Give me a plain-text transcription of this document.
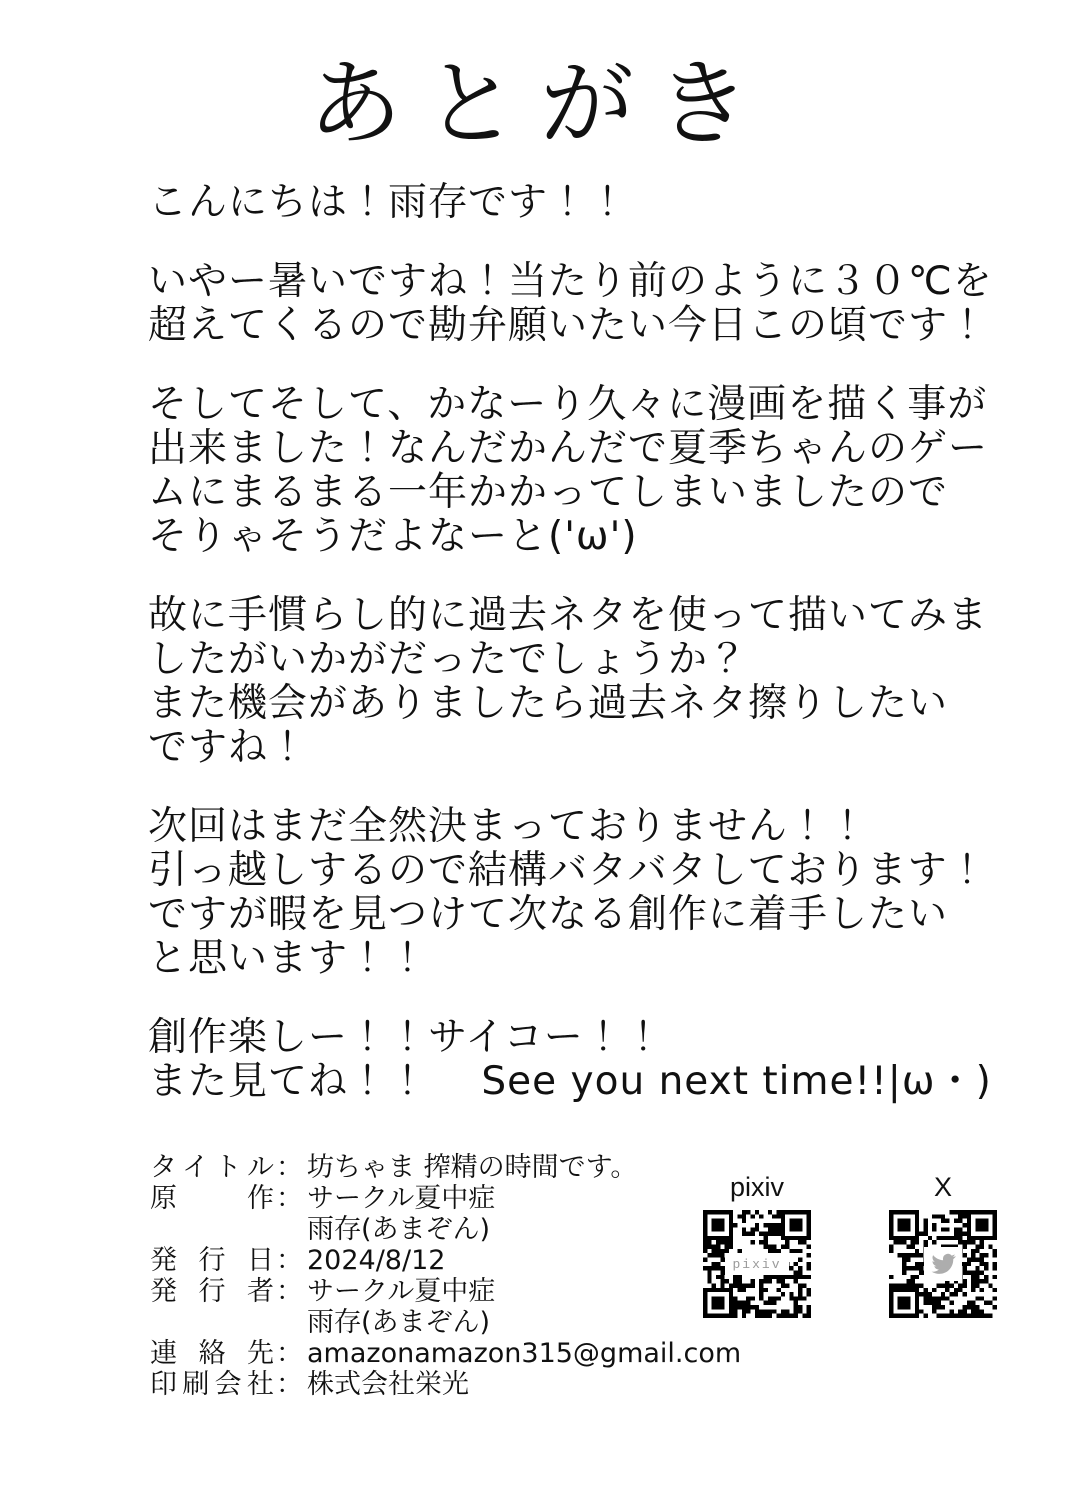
あとがき

こんにちは！雨存です！！

いやー暑いですね！当たり前のように３０℃を
超えてくるので勘弁願いたい今日この頃です！

そしてそして、かなーり久々に漫画を描く事が
出来ました！なんだかんだで夏季ちゃんのゲー
ムにまるまる一年かかってしまいましたので
そりゃそうだよなーと('ω')

故に手慣らし的に過去ネタを使って描いてみま
したがいかがだったでしょうか？
また機会がありましたら過去ネタ擦りしたい
ですね！

次回はまだ全然決まっておりません！！
引っ越しするので結構バタバタしております！
ですが暇を見つけて次なる創作に着手したい
と思います！！

創作楽しー！！サイコー！！
また見てね！！　 See you next time!!|ω・)

タイトル ： 坊ちゃま 搾精の時間です。
原作 ： サークル夏中症
雨存(あまぞん)
発行日 ： 2024/8/12
発行者 ： サークル夏中症
雨存(あまぞん)
連絡先 ： amazonamazon315@gmail.com
印刷会社 ： 株式会社栄光
pixiv
pixiv
X
